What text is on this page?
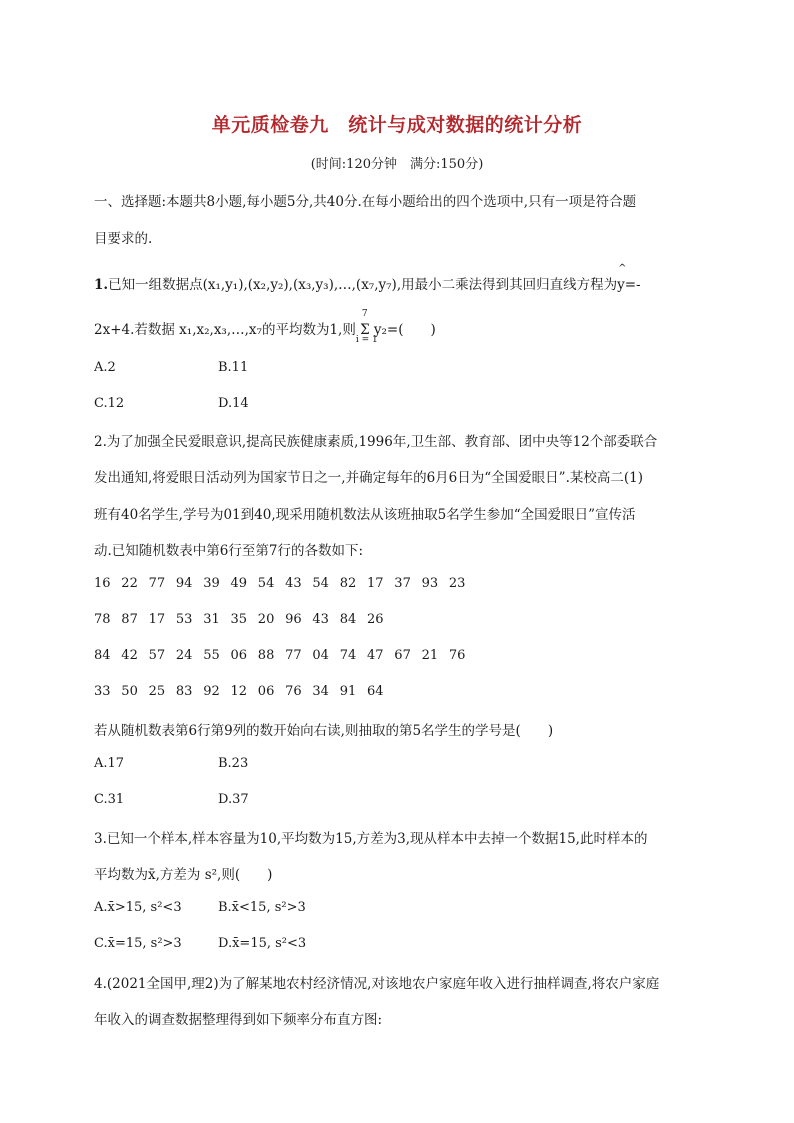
单元质检卷九　统计与成对数据的统计分析
(时间:120分钟　满分:150分)
一、选择题:本题共8小题,每小题5分,共40分.在每小题给出的四个选项中,只有一项是符合题
目要求的.
1.已知一组数据点(x₁,y₁),(x₂,y₂),(x₃,y₃),…,(x₇,y₇),用最小二乘法得到其回归直线方程为
^
y=-
2x+4.若数据 x₁,x₂,x₃,…,x₇的平均数为1,则
7
Σ
i = 1
y₂=(　　)
A.2	B.11
C.12	D.14
2.为了加强全民爱眼意识,提高民族健康素质,1996年,卫生部、教育部、团中央等12个部委联合
发出通知,将爱眼日活动列为国家节日之一,并确定每年的6月6日为“全国爱眼日”.某校高二(1)
班有40名学生,学号为01到40,现采用随机数法从该班抽取5名学生参加“全国爱眼日”宣传活
动.已知随机数表中第6行至第7行的各数如下:
16 22 77 94 39 49 54 43 54 82 17 37 93 23
78 87 17 53 31 35 20 96 43 84 26
84 42 57 24 55 06 88 77 04 74 47 67 21 76
33 50 25 83 92 12 06 76 34 91 64
若从随机数表第6行第9列的数开始向右读,则抽取的第5名学生的学号是(　　)
A.17	B.23
C.31	D.37
3.已知一个样本,样本容量为10,平均数为15,方差为3,现从样本中去掉一个数据15,此时样本的
平均数为x̄,方差为 s²,则(　　)
A.x̄>15, s²<3	B.x̄<15, s²>3
C.x̄=15, s²>3	D.x̄=15, s²<3
4.(2021全国甲,理2)为了解某地农村经济情况,对该地农户家庭年收入进行抽样调查,将农户家庭
年收入的调查数据整理得到如下频率分布直方图:
